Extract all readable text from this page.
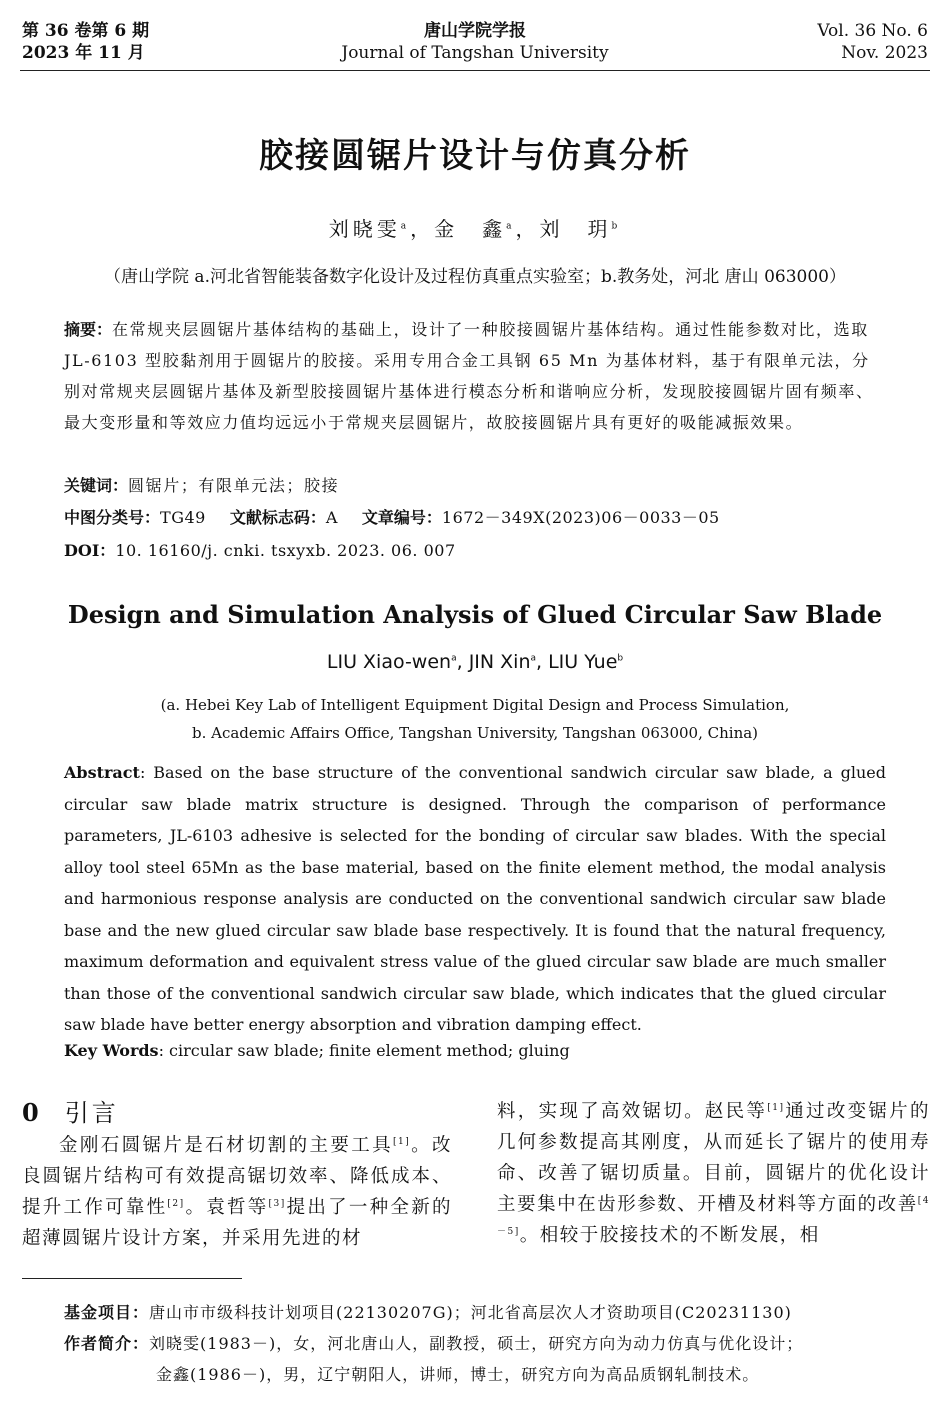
第 36 卷第 6 期
2023 年 11 月
唐山学院学报
Journal of Tangshan University
Vol. 36 No. 6
Nov. 2023
胶接圆锯片设计与仿真分析
刘晓雯$^a$，金　鑫$^a$，刘　玥$^b$
（唐山学院 a.河北省智能装备数字化设计及过程仿真重点实验室；b.教务处，河北 唐山 063000）
摘要：在常规夹层圆锯片基体结构的基础上，设计了一种胶接圆锯片基体结构。通过性能参数对比，选取 JL-6103 型胶黏剂用于圆锯片的胶接。采用专用合金工具钢 65 Mn 为基体材料，基于有限单元法，分别对常规夹层圆锯片基体及新型胶接圆锯片基体进行模态分析和谐响应分析，发现胶接圆锯片固有频率、最大变形量和等效应力值均远远小于常规夹层圆锯片，故胶接圆锯片具有更好的吸能减振效果。
关键词：圆锯片；有限单元法；胶接
中图分类号：TG49 文献标志码：A 文章编号：1672－349X(2023)06－0033－05
DOI：10. 16160/j. cnki. tsxyxb. 2023. 06. 007
Design and Simulation Analysis of Glued Circular Saw Blade
LIU Xiao-wen$^a$, JIN Xin$^a$, LIU Yue$^b$
(a. Hebei Key Lab of Intelligent Equipment Digital Design and Process Simulation,
b. Academic Affairs Office, Tangshan University, Tangshan 063000, China)
Abstract: Based on the base structure of the conventional sandwich circular saw blade, a glued circular saw blade matrix structure is designed. Through the comparison of performance parameters, JL-6103 adhesive is selected for the bonding of circular saw blades. With the special alloy tool steel 65Mn as the base material, based on the finite element method, the modal analysis and harmonious response analysis are conducted on the conventional sandwich circular saw blade base and the new glued circular saw blade base respectively. It is found that the natural frequency, maximum deformation and equivalent stress value of the glued circular saw blade are much smaller than those of the conventional sandwich circular saw blade, which indicates that the glued circular saw blade have better energy absorption and vibration damping effect.
Key Words: circular saw blade; finite element method; gluing
0 引言

金刚石圆锯片是石材切割的主要工具[1]。改良圆锯片结构可有效提高锯切效率、降低成本、提升工作可靠性[2]。袁哲等[3]提出了一种全新的超薄圆锯片设计方案，并采用先进的材

料，实现了高效锯切。赵民等[1]通过改变锯片的几何参数提高其刚度，从而延长了锯片的使用寿命、改善了锯切质量。目前，圆锯片的优化设计主要集中在齿形参数、开槽及材料等方面的改善[4－5]。相较于胶接技术的不断发展，相

基金项目：唐山市市级科技计划项目(22130207G)；河北省高层次人才资助项目(C20231130)
作者简介：刘晓雯(1983－)，女，河北唐山人，副教授，硕士，研究方向为动力仿真与优化设计；
金鑫(1986－)，男，辽宁朝阳人，讲师，博士，研究方向为高品质钢轧制技术。
